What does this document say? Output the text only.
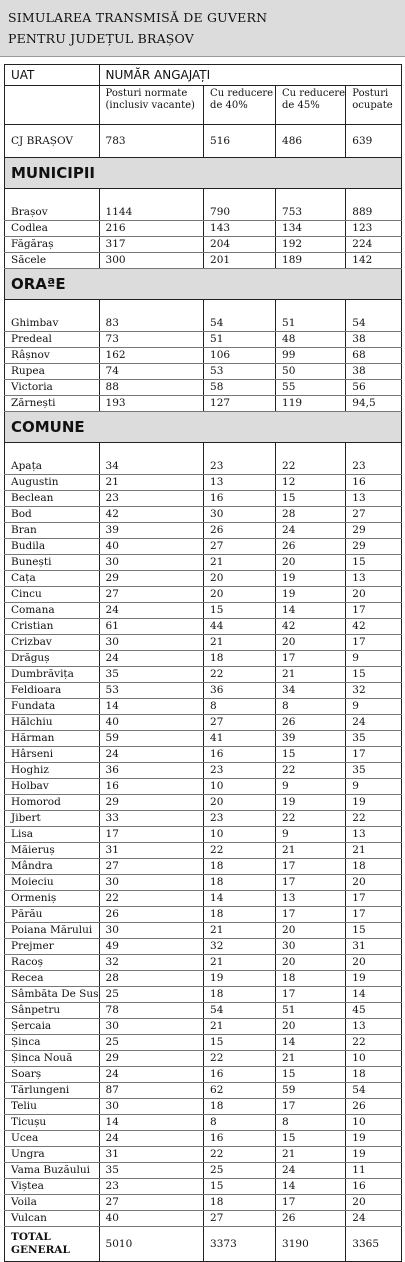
SIMULAREA TRANSMISĂ DE GUVERN
PENTRU JUDEȚUL BRAȘOV
UAT	NUMĂR ANGAJAȚI			
	Posturi normate (inclusiv vacante)	Cu reducere de 40%	Cu reducere de 45%	Posturi ocupate
CJ BRAȘOV	783	516	486	639
MUNICIPII				

Brașov	1144	790	753	889
Codlea	216	143	134	123
Făgăraș	317	204	192	224
Săcele	300	201	189	142
ORAªE				

Ghimbav	83	54	51	54
Predeal	73	51	48	38
Râșnov	162	106	99	68
Rupea	74	53	50	38
Victoria	88	58	55	56
Zărnești	193	127	119	94,5
COMUNE				

Apața	34	23	22	23
Augustin	21	13	12	16
Beclean	23	16	15	13
Bod	42	30	28	27
Bran	39	26	24	29
Budila	40	27	26	29
Bunești	30	21	20	15
Cața	29	20	19	13
Cincu	27	20	19	20
Comana	24	15	14	17
Cristian	61	44	42	42
Crizbav	30	21	20	17
Drăguș	24	18	17	9
Dumbrăvița	35	22	21	15
Feldioara	53	36	34	32
Fundata	14	8	8	9
Hălchiu	40	27	26	24
Hărman	59	41	39	35
Hârseni	24	16	15	17
Hoghiz	36	23	22	35
Holbav	16	10	9	9
Homorod	29	20	19	19
Jibert	33	23	22	22
Lisa	17	10	9	13
Măieruș	31	22	21	21
Mândra	27	18	17	18
Moieciu	30	18	17	20
Ormeniș	22	14	13	17
Părău	26	18	17	17
Poiana Mărului	30	21	20	15
Prejmer	49	32	30	31
Racoș	32	21	20	20
Recea	28	19	18	19
Sâmbăta De Sus	25	18	17	14
Sânpetru	78	54	51	45
Șercaia	30	21	20	13
Șinca	25	15	14	22
Șinca Nouă	29	22	21	10
Soarș	24	16	15	18
Tărlungeni	87	62	59	54
Teliu	30	18	17	26
Ticușu	14	8	8	10
Ucea	24	16	15	19
Ungra	31	22	21	19
Vama Buzăului	35	25	24	11
Viștea	23	15	14	16
Voila	27	18	17	20
Vulcan	40	27	26	24
TOTAL GENERAL	5010	3373	3190	3365
